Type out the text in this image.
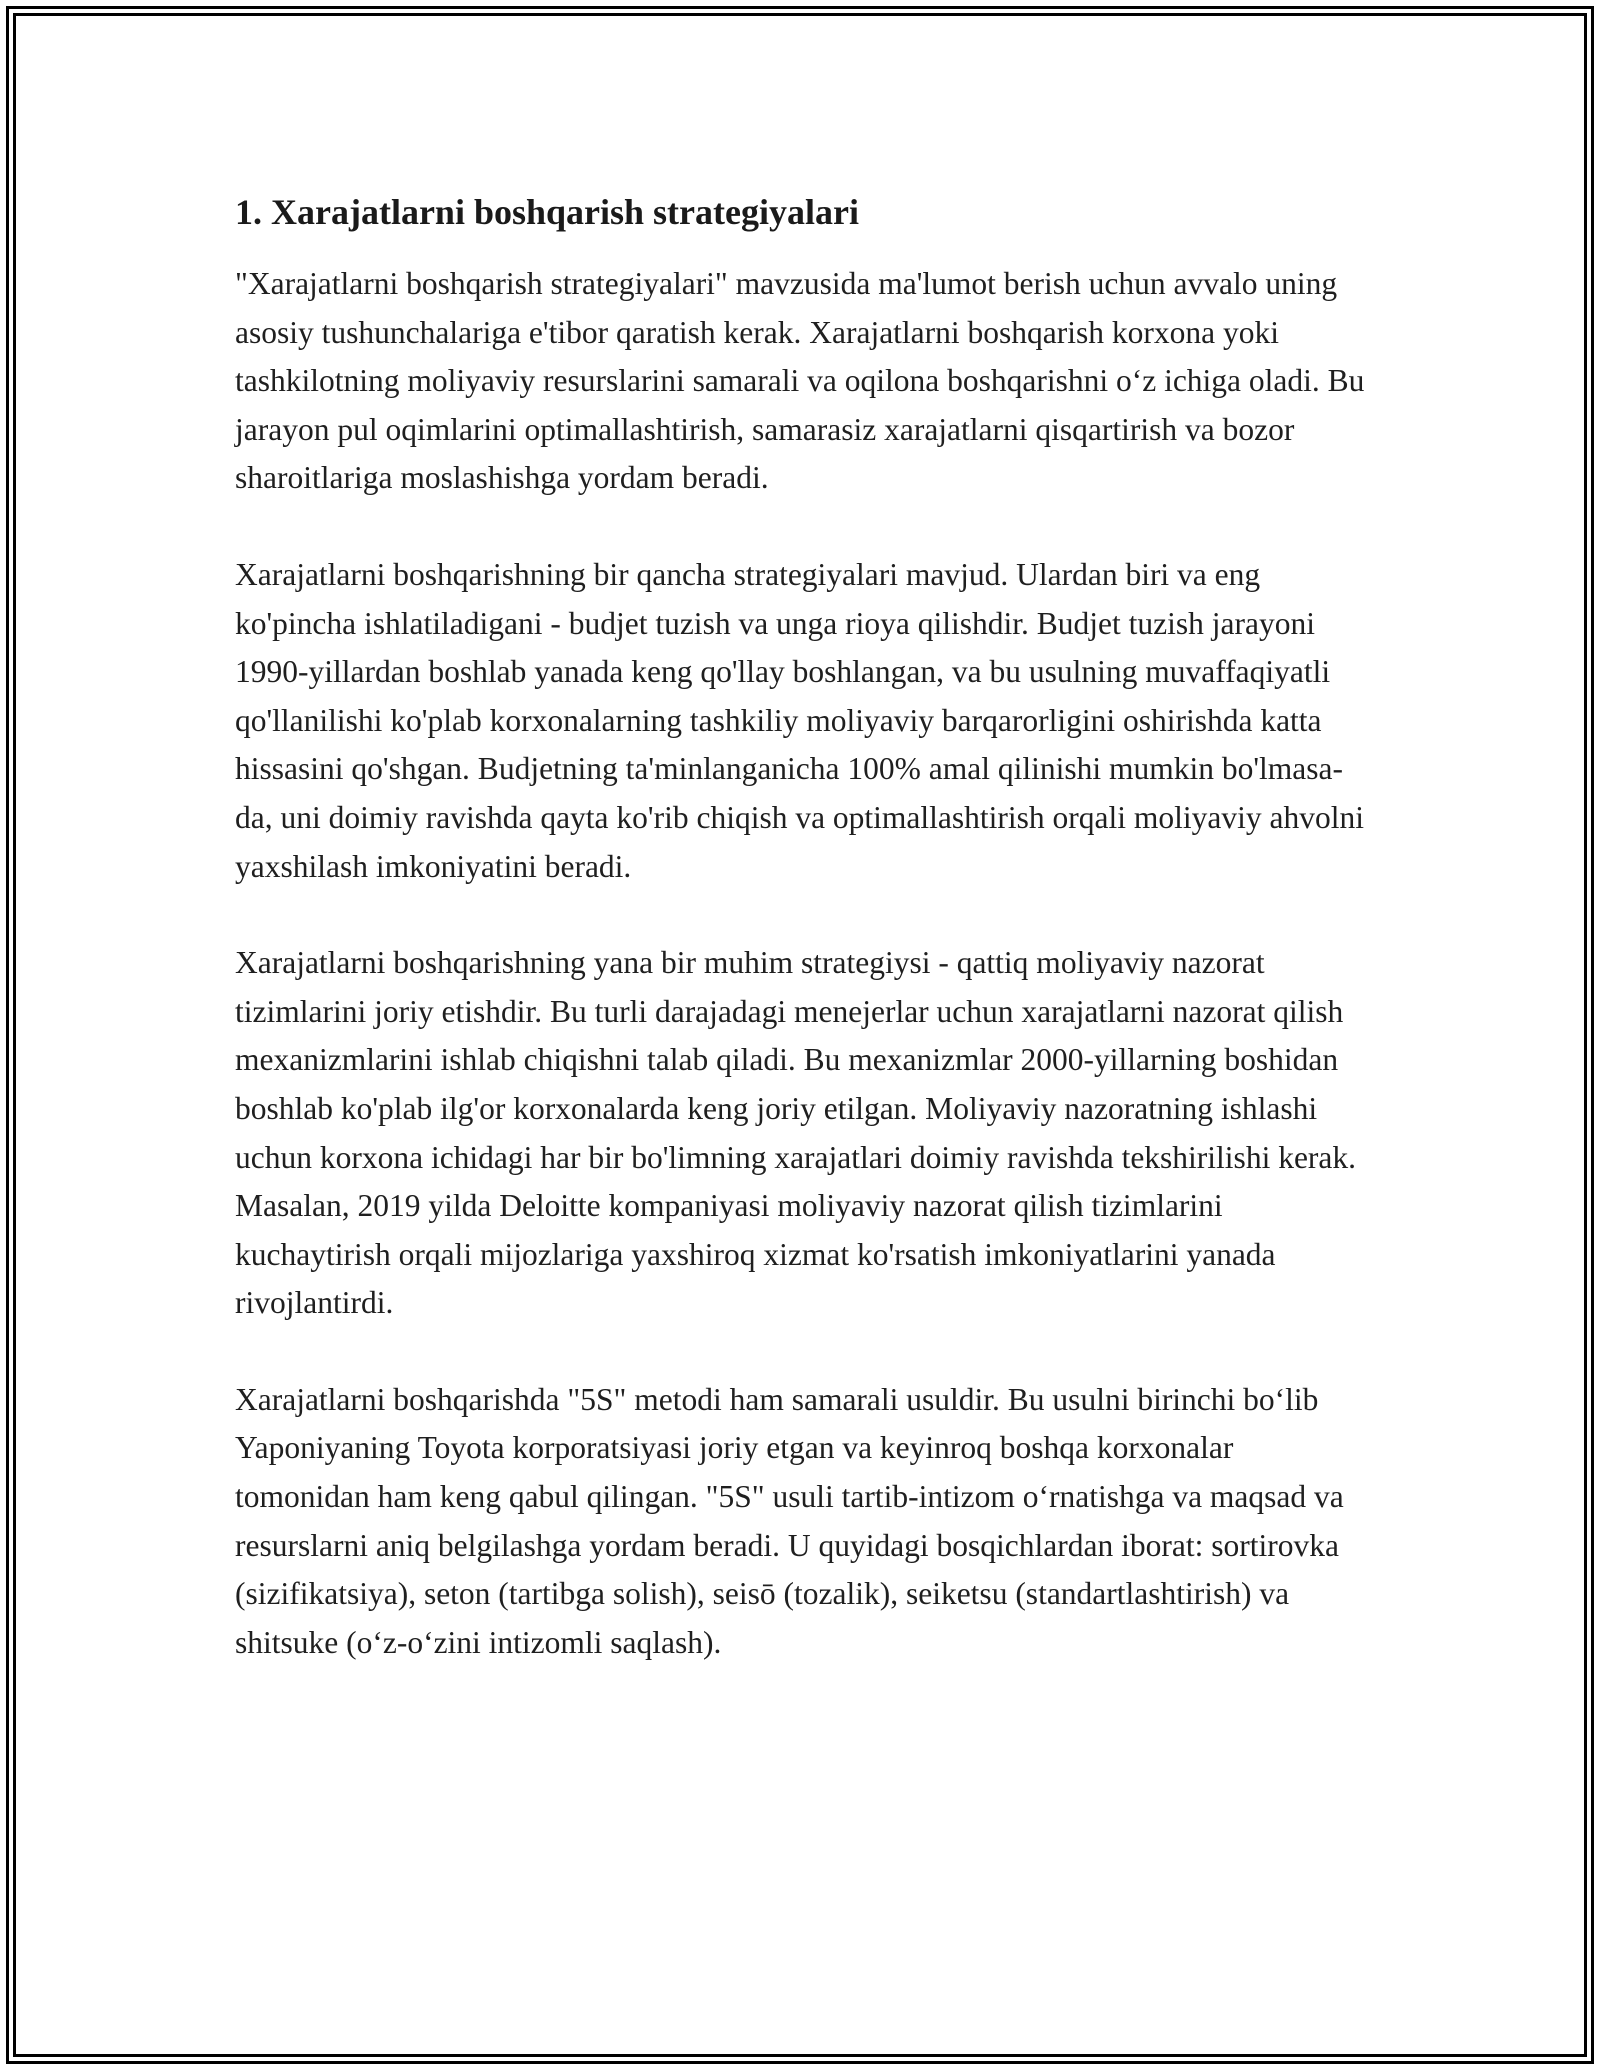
1. Xarajatlarni boshqarish strategiyalari

"Xarajatlarni boshqarish strategiyalari" mavzusida ma'lumot berish uchun avvalo uning asosiy tushunchalariga e'tibor qaratish kerak. Xarajatlarni boshqarish korxona yoki tashkilotning moliyaviy resurslarini samarali va oqilona boshqarishni o‘z ichiga oladi. Bu jarayon pul oqimlarini optimallashtirish, samarasiz xarajatlarni qisqartirish va bozor sharoitlariga moslashishga yordam beradi.

Xarajatlarni boshqarishning bir qancha strategiyalari mavjud. Ulardan biri va eng ko'pincha ishlatiladigani - budjet tuzish va unga rioya qilishdir. Budjet tuzish jarayoni 1990-yillardan boshlab yanada keng qo'llay boshlangan, va bu usulning muvaffaqiyatli qo'llanilishi ko'plab korxonalarning tashkiliy moliyaviy barqarorligini oshirishda katta hissasini qo'shgan. Budjetning ta'minlanganicha 100% amal qilinishi mumkin bo'lmasa-da, uni doimiy ravishda qayta ko'rib chiqish va optimallashtirish orqali moliyaviy ahvolni yaxshilash imkoniyatini beradi.

Xarajatlarni boshqarishning yana bir muhim strategiysi - qattiq moliyaviy nazorat tizimlarini joriy etishdir. Bu turli darajadagi menejerlar uchun xarajatlarni nazorat qilish mexanizmlarini ishlab chiqishni talab qiladi. Bu mexanizmlar 2000-yillarning boshidan boshlab ko'plab ilg'or korxonalarda keng joriy etilgan. Moliyaviy nazoratning ishlashi uchun korxona ichidagi har bir bo'limning xarajatlari doimiy ravishda tekshirilishi kerak. Masalan, 2019 yilda Deloitte kompaniyasi moliyaviy nazorat qilish tizimlarini kuchaytirish orqali mijozlariga yaxshiroq xizmat ko'rsatish imkoniyatlarini yanada rivojlantirdi.

Xarajatlarni boshqarishda "5S" metodi ham samarali usuldir. Bu usulni birinchi bo‘lib Yaponiyaning Toyota korporatsiyasi joriy etgan va keyinroq boshqa korxonalar tomonidan ham keng qabul qilingan. "5S" usuli tartib-intizom o‘rnatishga va maqsad va resurslarni aniq belgilashga yordam beradi. U quyidagi bosqichlardan iborat: sortirovka (sizifikatsiya), seton (tartibga solish), seisō (tozalik), seiketsu (standartlashtirish) va shitsuke (o‘z-o‘zini intizomli saqlash).
